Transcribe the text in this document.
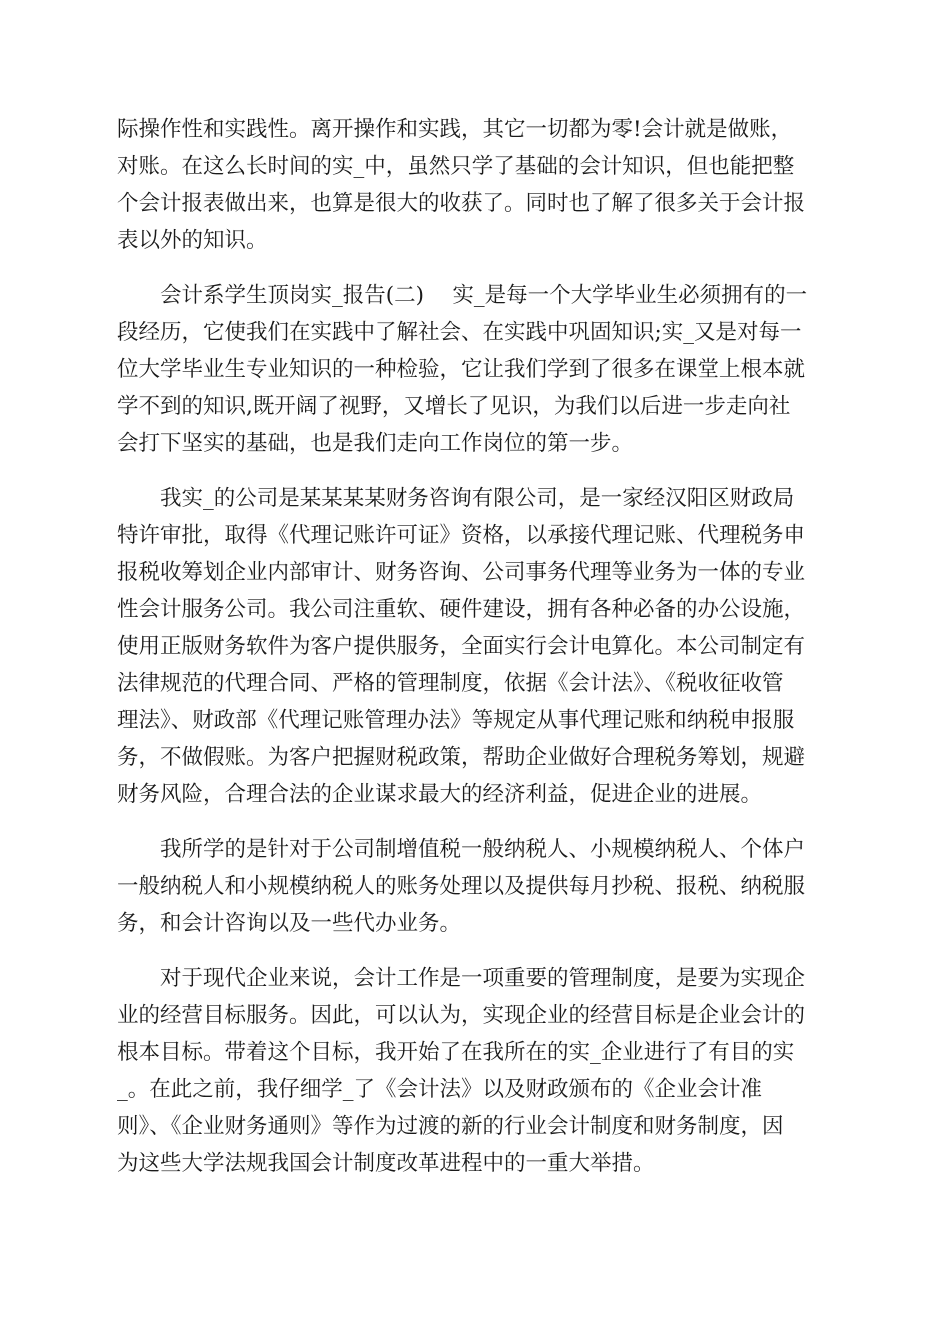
际操作性和实践性。离开操作和实践，其它一切都为零!会计就是做账，
对账。在这么长时间的实_中，虽然只学了基础的会计知识，但也能把整
个会计报表做出来，也算是很大的收获了。同时也了解了很多关于会计报
表以外的知识。
　　会计系学生顶岗实_报告(二)　 实_是每一个大学毕业生必须拥有的一
段经历，它使我们在实践中了解社会、在实践中巩固知识;实_又是对每一
位大学毕业生专业知识的一种检验，它让我们学到了很多在课堂上根本就
学不到的知识,既开阔了视野，又增长了见识，为我们以后进一步走向社
会打下坚实的基础，也是我们走向工作岗位的第一步。
　　我实_的公司是某某某某财务咨询有限公司，是一家经汉阳区财政局
特许审批，取得《代理记账许可证》资格，以承接代理记账、代理税务申
报税收筹划企业内部审计、财务咨询、公司事务代理等业务为一体的专业
性会计服务公司。我公司注重软、硬件建设，拥有各种必备的办公设施，
使用正版财务软件为客户提供服务，全面实行会计电算化。本公司制定有
法律规范的代理合同、严格的管理制度，依据《会计法》、《税收征收管
理法》、财政部《代理记账管理办法》等规定从事代理记账和纳税申报服
务，不做假账。为客户把握财税政策，帮助企业做好合理税务筹划，规避
财务风险，合理合法的企业谋求最大的经济利益，促进企业的进展。
　　我所学的是针对于公司制增值税一般纳税人、小规模纳税人、个体户
一般纳税人和小规模纳税人的账务处理以及提供每月抄税、报税、纳税服
务，和会计咨询以及一些代办业务。
　　对于现代企业来说，会计工作是一项重要的管理制度，是要为实现企
业的经营目标服务。因此，可以认为，实现企业的经营目标是企业会计的
根本目标。带着这个目标，我开始了在我所在的实_企业进行了有目的实
_。在此之前，我仔细学_了《会计法》以及财政颁布的《企业会计准
则》、《企业财务通则》等作为过渡的新的行业会计制度和财务制度，因
为这些大学法规我国会计制度改革进程中的一重大举措。
